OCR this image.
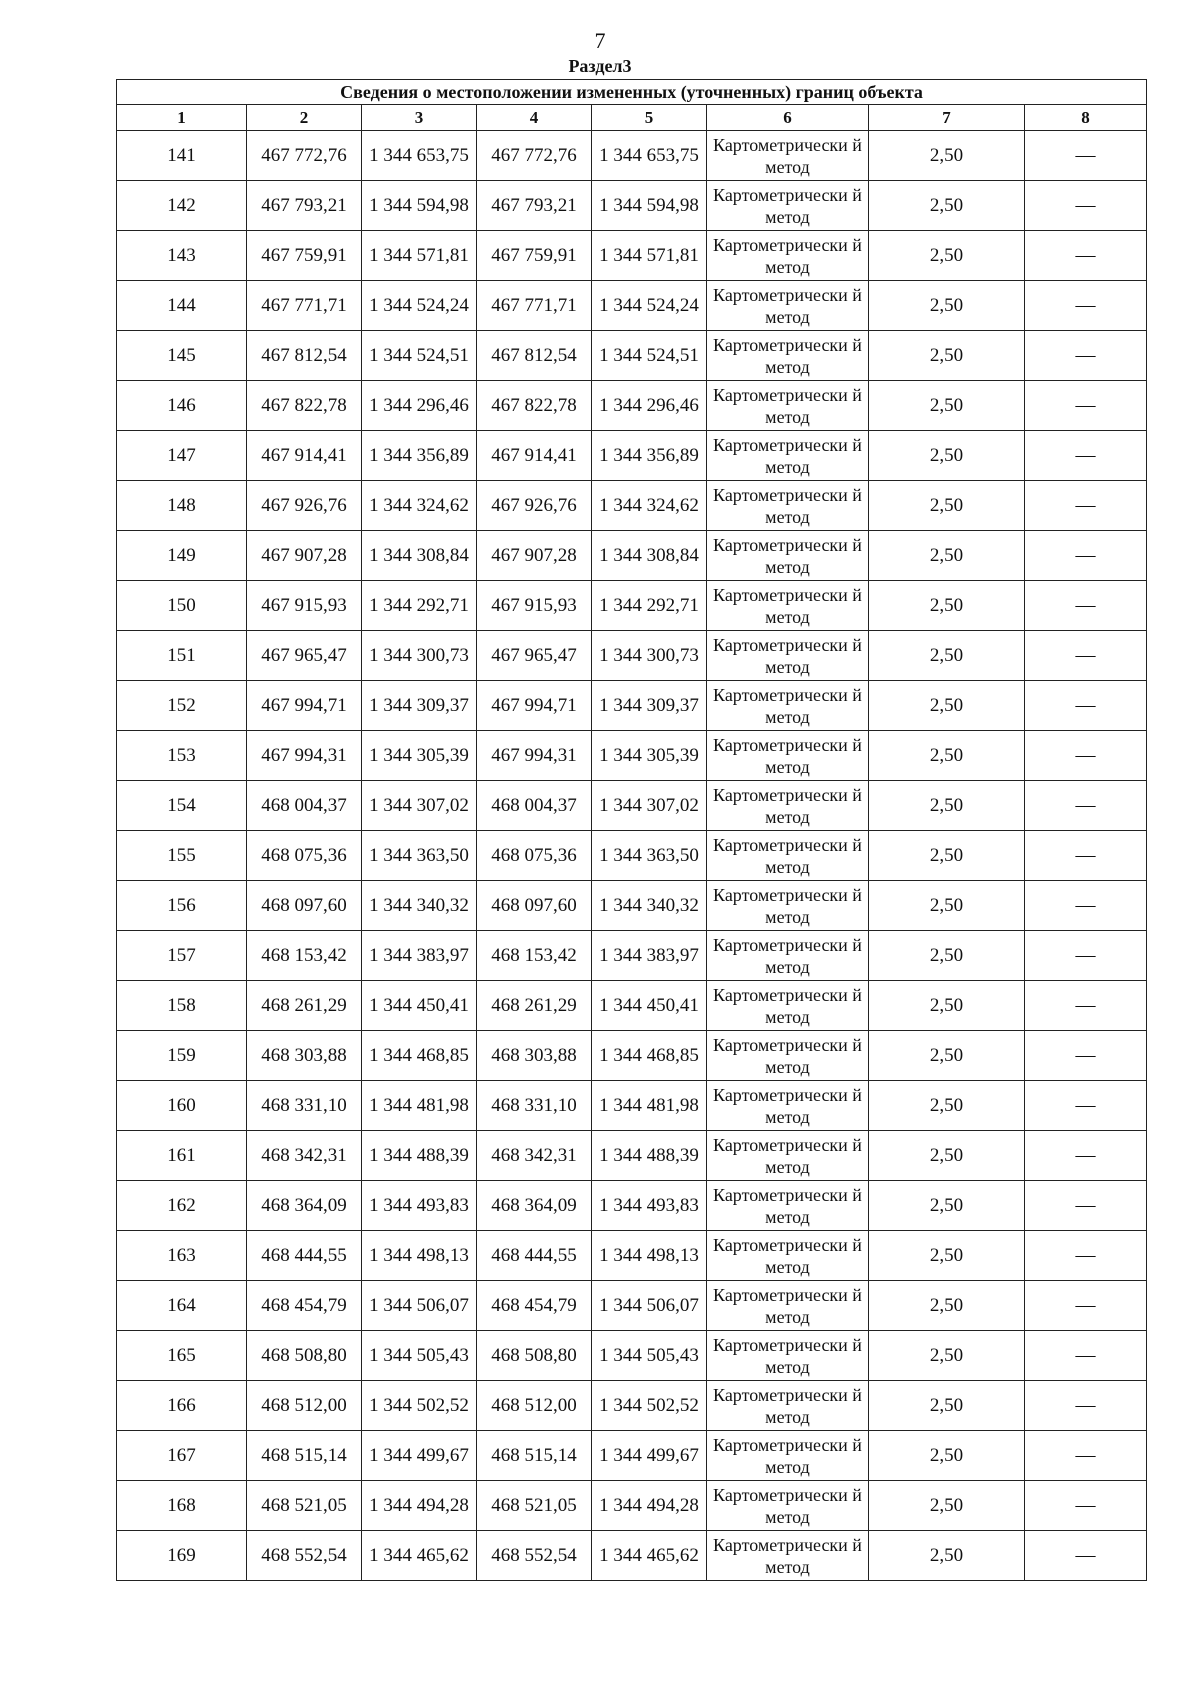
7
Раздел3
Сведения о местоположении измененных (уточненных) границ объекта							
1	2	3	4	5	6	7	8
141	467 772,76	1 344 653,75	467 772,76	1 344 653,75	Картометрически й метод	2,50	—
142	467 793,21	1 344 594,98	467 793,21	1 344 594,98	Картометрически й метод	2,50	—
143	467 759,91	1 344 571,81	467 759,91	1 344 571,81	Картометрически й метод	2,50	—
144	467 771,71	1 344 524,24	467 771,71	1 344 524,24	Картометрически й метод	2,50	—
145	467 812,54	1 344 524,51	467 812,54	1 344 524,51	Картометрически й метод	2,50	—
146	467 822,78	1 344 296,46	467 822,78	1 344 296,46	Картометрически й метод	2,50	—
147	467 914,41	1 344 356,89	467 914,41	1 344 356,89	Картометрически й метод	2,50	—
148	467 926,76	1 344 324,62	467 926,76	1 344 324,62	Картометрически й метод	2,50	—
149	467 907,28	1 344 308,84	467 907,28	1 344 308,84	Картометрически й метод	2,50	—
150	467 915,93	1 344 292,71	467 915,93	1 344 292,71	Картометрически й метод	2,50	—
151	467 965,47	1 344 300,73	467 965,47	1 344 300,73	Картометрически й метод	2,50	—
152	467 994,71	1 344 309,37	467 994,71	1 344 309,37	Картометрически й метод	2,50	—
153	467 994,31	1 344 305,39	467 994,31	1 344 305,39	Картометрически й метод	2,50	—
154	468 004,37	1 344 307,02	468 004,37	1 344 307,02	Картометрически й метод	2,50	—
155	468 075,36	1 344 363,50	468 075,36	1 344 363,50	Картометрически й метод	2,50	—
156	468 097,60	1 344 340,32	468 097,60	1 344 340,32	Картометрически й метод	2,50	—
157	468 153,42	1 344 383,97	468 153,42	1 344 383,97	Картометрически й метод	2,50	—
158	468 261,29	1 344 450,41	468 261,29	1 344 450,41	Картометрически й метод	2,50	—
159	468 303,88	1 344 468,85	468 303,88	1 344 468,85	Картометрически й метод	2,50	—
160	468 331,10	1 344 481,98	468 331,10	1 344 481,98	Картометрически й метод	2,50	—
161	468 342,31	1 344 488,39	468 342,31	1 344 488,39	Картометрически й метод	2,50	—
162	468 364,09	1 344 493,83	468 364,09	1 344 493,83	Картометрически й метод	2,50	—
163	468 444,55	1 344 498,13	468 444,55	1 344 498,13	Картометрически й метод	2,50	—
164	468 454,79	1 344 506,07	468 454,79	1 344 506,07	Картометрически й метод	2,50	—
165	468 508,80	1 344 505,43	468 508,80	1 344 505,43	Картометрически й метод	2,50	—
166	468 512,00	1 344 502,52	468 512,00	1 344 502,52	Картометрически й метод	2,50	—
167	468 515,14	1 344 499,67	468 515,14	1 344 499,67	Картометрически й метод	2,50	—
168	468 521,05	1 344 494,28	468 521,05	1 344 494,28	Картометрически й метод	2,50	—
169	468 552,54	1 344 465,62	468 552,54	1 344 465,62	Картометрически й метод	2,50	—
